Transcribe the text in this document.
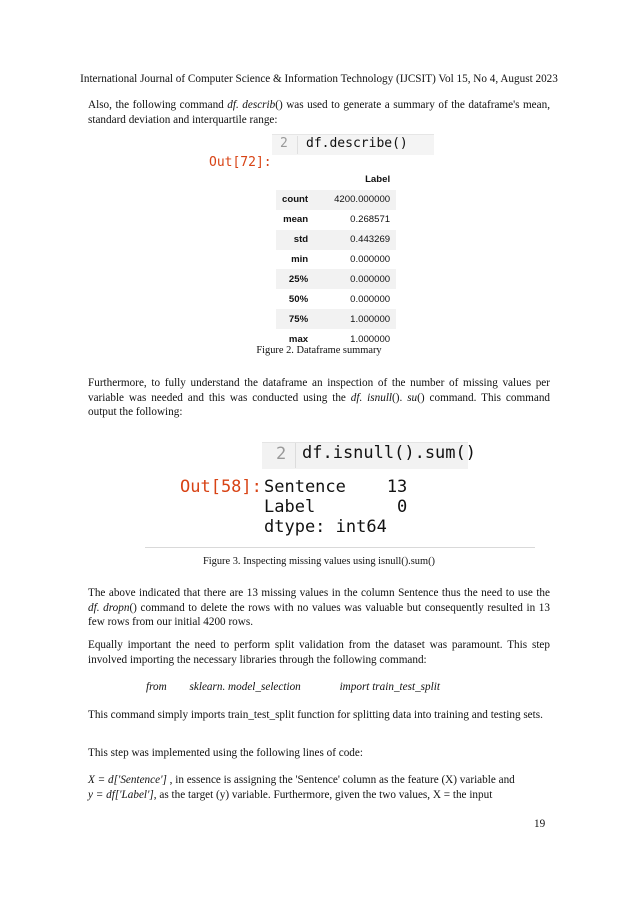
International Journal of Computer Science & Information Technology (IJCSIT) Vol 15, No 4, August 2023
Also, the following command df. describ() was used to generate a summary of the dataframe's mean, standard deviation and interquartile range:
2 df.describe()
Out[72]:
	Label
count	4200.000000
mean	0.268571
std	0.443269
min	0.000000
25%	0.000000
50%	0.000000
75%	1.000000
max	1.000000
Figure 2. Dataframe summary
Furthermore, to fully understand the dataframe an inspection of the number of missing values per variable was needed and this was conducted using the df. isnull(). su() command. This command output the following:
2 df.isnull().sum()
Out[58]: Sentence    13
Label        0
dtype: int64
Figure 3. Inspecting missing values using isnull().sum()
The above indicated that there are 13 missing values in the column Sentence thus the need to use the df. dropn() command to delete the rows with no values was valuable but consequently resulted in 13 few rows from our initial 4200 rows.
Equally important the need to perform split validation from the dataset was paramount. This step involved importing the necessary libraries through the following command:
from sklearn. model_selection	import train_test_split
This command simply imports train_test_split function for splitting data into training and testing sets.
This step was implemented using the following lines of code:
X = d['Sentence'] , in essence is assigning the 'Sentence' column as the feature (X) variable and
y = df['Label'], as the target (y) variable. Furthermore, given the two values, X = the input
19
